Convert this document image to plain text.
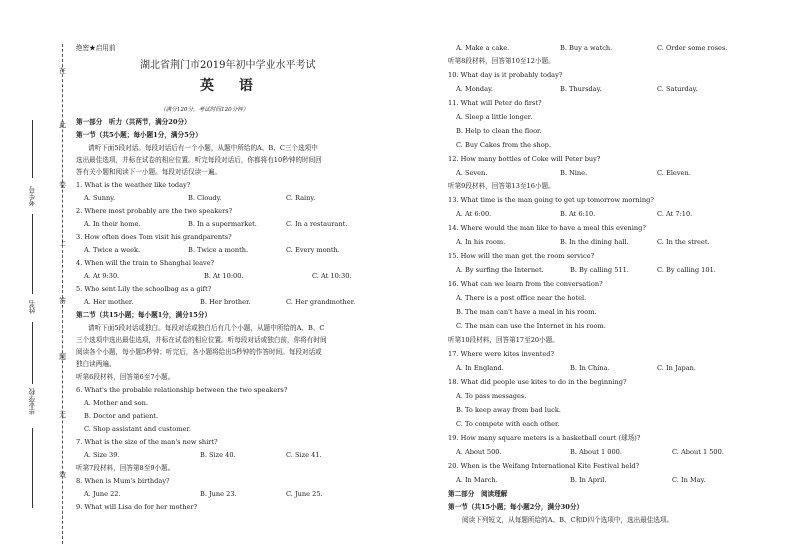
在
此
卷
上
答
题
无
效
考生号
姓名
毕业学校
绝密★启用前
湖北省荆门市2019年初中学业水平考试
英 语
（满分120分，考试时间120分钟）
第一部分　听力（共两节，满分20分）
第一节（共5小题；每小题1分，满分5分）
请听下面5段对话。每段对话后有一个小题，从题中所给的A、B、C三个选项中
选出最佳选项，并标在试卷的相应位置。听完每段对话后，你都将有10秒钟的时间回
答有关小题和阅读下一小题。每段对话仅读一遍。
1. What is the weather like today?
A. Sunny.	B. Cloudy.	C. Rainy.
2. Where most probably are the two speakers?
A. In their home.	B. In a supermarket.	C. In a restaurant.
3. How often does Tom visit his grandparents?
A. Twice a week.	B. Twice a month.	C. Every month.
4. When will the train to Shanghai leave?
A. At 9:30.	B. At 10:00.	C. At 10:30.
5. Who sent Lily the schoolbag as a gift?
A. Her mother.	B. Her brother.	C. Her grandmother.
第二节（共15小题；每小题1分，满分15分）
请听下面5段对话或独白。每段对话或独白后有几个小题，从题中所给的A、B、C
三个选项中选出最佳选项，并标在试卷的相应位置。听每段对话或独白前，你将有时间
阅读各个小题，每小题5秒钟；听完后，各小题将给出5秒钟的作答时间。每段对话或
独白读两遍。
听第6段材料，回答第6至7小题。
6. What's the probable relationship between the two speakers?
A. Mother and son.
B. Doctor and patient.
C. Shop assistant and customer.
7. What is the size of the man's new shirt?
A. Size 39.	B. Size 40.	C. Size 41.
听第7段材料，回答第8至9小题。
8. When is Mum's birthday?
A. June 22.	B. June 23.	C. June 25.
9. What will Lisa do for her mother?
A. Make a cake.	B. Buy a watch.	C. Order some roses.
听第8段材料，回答第10至12小题。
10. What day is it probably today?
A. Monday.	B. Thursday.	C. Saturday.
11. What will Peter do first?
A. Sleep a little longer.
B. Help to clean the floor.
C. Buy Cakes from the shop.
12. How many bottles of Coke will Peter buy?
A. Seven.	B. Nine.	C. Eleven.
听第9段材料，回答第13至16小题。
13. What time is the man going to get up tomorrow morning?
A. At 6:00.	B. At 6:10.	C. At 7:10.
14. Where would the man like to have a meal this evening?
A. In his room.	B. In the dining hall.	C. In the street.
15. How will the man get the room service?
A. By surfing the Internet.	B. By calling 511.	C. By calling 101.
16. What can we learn from the conversation?
A. There is a post office near the hotel.
B. The man can't have a meal in his room.
C. The man can use the Internet in his room.
听第10段材料，回答第17至20小题。
17. Where were kites invented?
A. In England.	B. In China.	C. In Japan.
18. What did people use kites to do in the beginning?
A. To pass messages.
B. To keep away from bad luck.
C. To compete with each other.
19. How many square meters is a basketball court (球场)?
A. About 500.	B. About 1 000.	C. About 1 500.
20. When is the Weifang International Kite Festival held?
A. In March.	B. In April.	C. In May.
第二部分　阅读理解
第一节（共15小题；每小题2分，满分30分）
阅读下列短文，从每题所给的A、B、C和D四个选项中，选出最佳选项。
